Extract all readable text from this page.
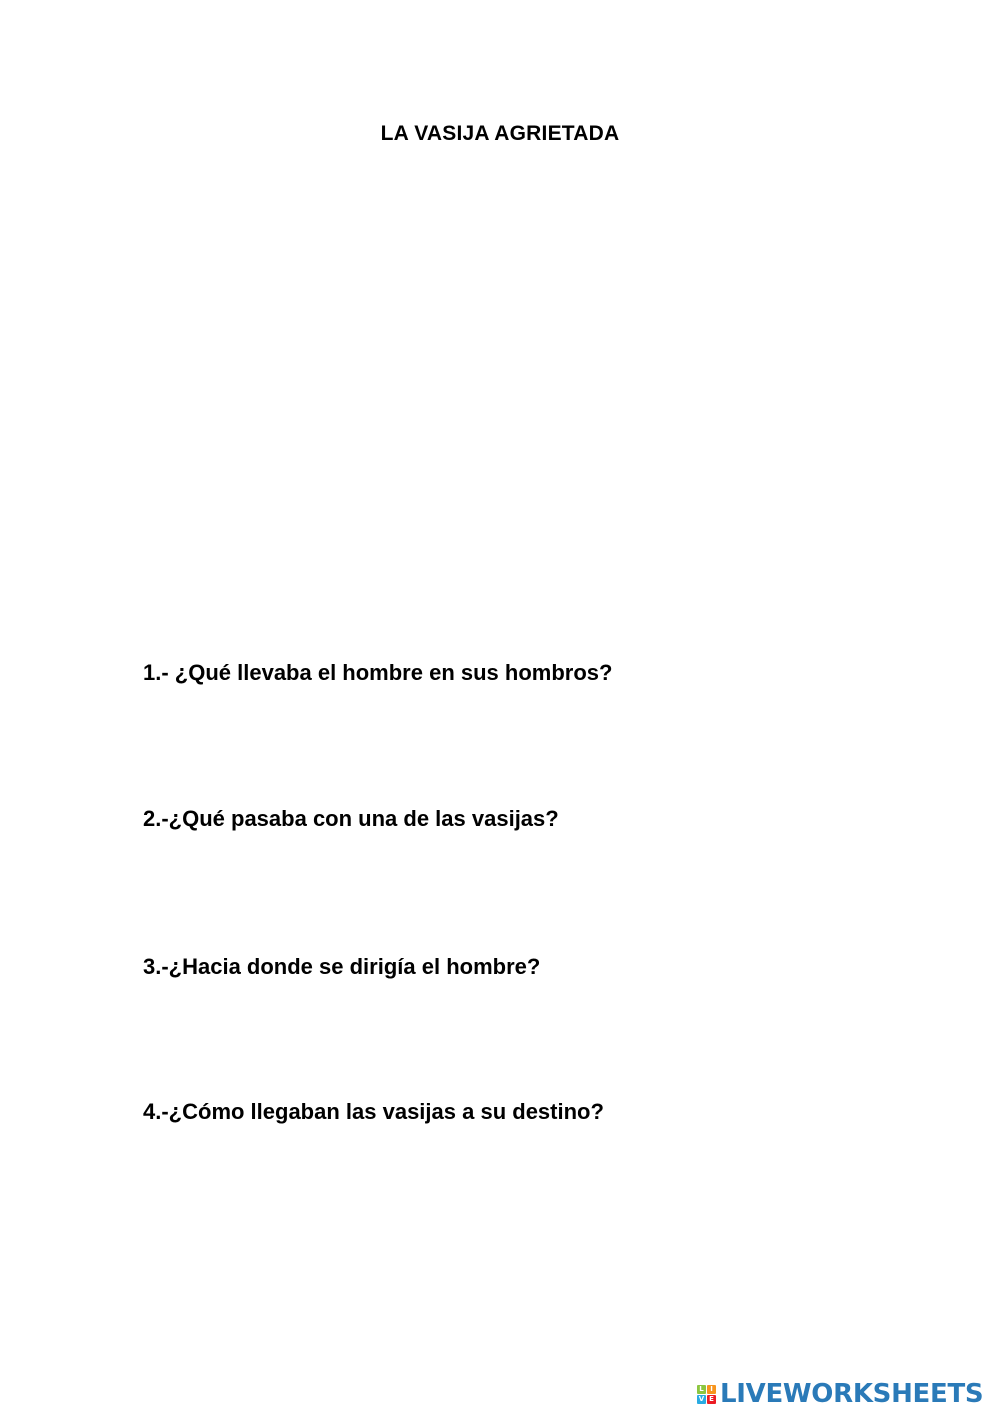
LA VASIJA AGRIETADA

1.- ¿Qué llevaba el hombre en sus hombros?

2.-¿Qué pasaba con una de las vasijas?

3.-¿Hacia donde se dirigía el hombre?

4.-¿Cómo llegaban las vasijas a su destino?

L I
V E LIVEWORKSHEETS
